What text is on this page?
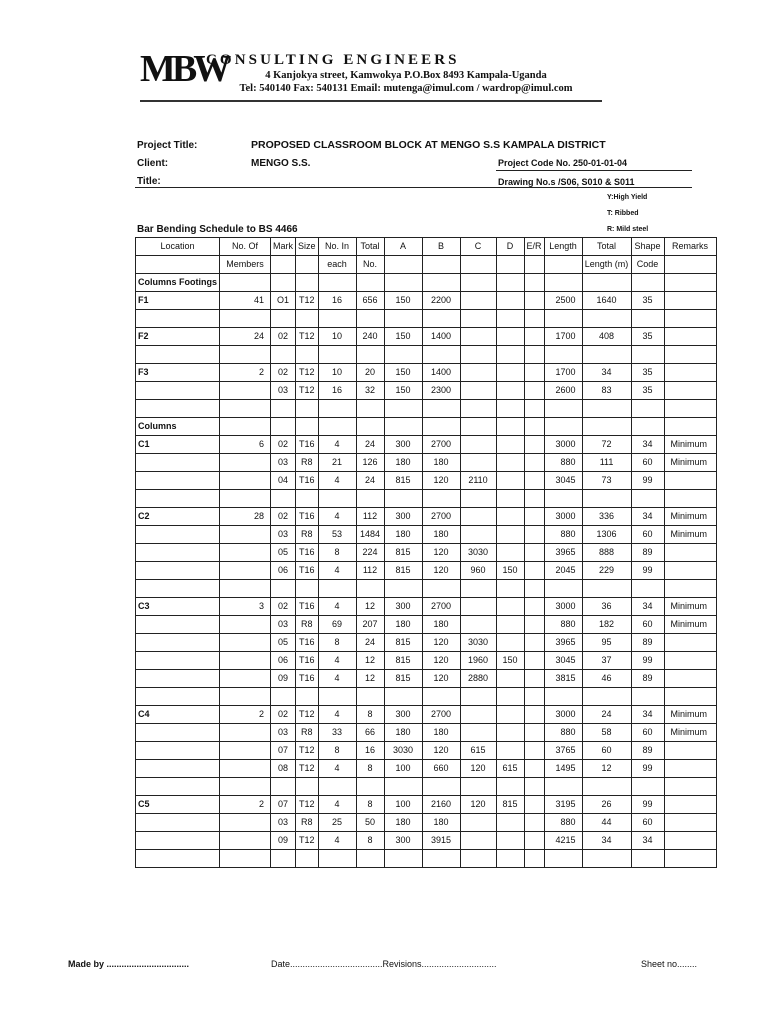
MBW
CONSULTING ENGINEERS
4 Kanjokya street, Kamwokya P.O.Box 8493 Kampala-Uganda
Tel: 540140 Fax: 540131 Email: mutenga@imul.com / wardrop@imul.com
Project Title:	PROPOSED CLASSROOM BLOCK AT MENGO S.S KAMPALA DISTRICT
Client:	MENGO S.S.	Project Code No. 250-01-01-04
Title:	Drawing No.s /S06, S010 & S011
Y:High Yield
T: Ribbed
Bar Bending Schedule to BS 4466	R: Mild steel
Location	No. Of	Mark	Size	No. In	Total	A	B	C	D	E/R	Length	Total	Shape	Remarks
	Members			each	No.							Length (m)	Code	
Columns Footings														
F1	41	O1	T12	16	656	150	2200				2500	1640	35	

F2	24	02	T12	10	240	150	1400				1700	408	35	

F3	2	02	T12	10	20	150	1400				1700	34	35	
		03	T12	16	32	150	2300				2600	83	35	

Columns														
C1	6	02	T16	4	24	300	2700				3000	72	34	Minimum
		03	R8	21	126	180	180				880	111	60	Minimum
		04	T16	4	24	815	120	2110			3045	73	99	

C2	28	02	T16	4	112	300	2700				3000	336	34	Minimum
		03	R8	53	1484	180	180				880	1306	60	Minimum
		05	T16	8	224	815	120	3030			3965	888	89	
		06	T16	4	112	815	120	960	150		2045	229	99	

C3	3	02	T16	4	12	300	2700				3000	36	34	Minimum
		03	R8	69	207	180	180				880	182	60	Minimum
		05	T16	8	24	815	120	3030			3965	95	89	
		06	T16	4	12	815	120	1960	150		3045	37	99	
		09	T16	4	12	815	120	2880			3815	46	89	

C4	2	02	T12	4	8	300	2700				3000	24	34	Minimum
		03	R8	33	66	180	180				880	58	60	Minimum
		07	T12	8	16	3030	120	615			3765	60	89	
		08	T12	4	8	100	660	120	615		1495	12	99	

C5	2	07	T12	4	8	100	2160	120	815		3195	26	99	
		03	R8	25	50	180	180				880	44	60	
		09	T12	4	8	300	3915				4215	34	34	

Made by .................................	Date.....................................Revisions..............................	Sheet no........
